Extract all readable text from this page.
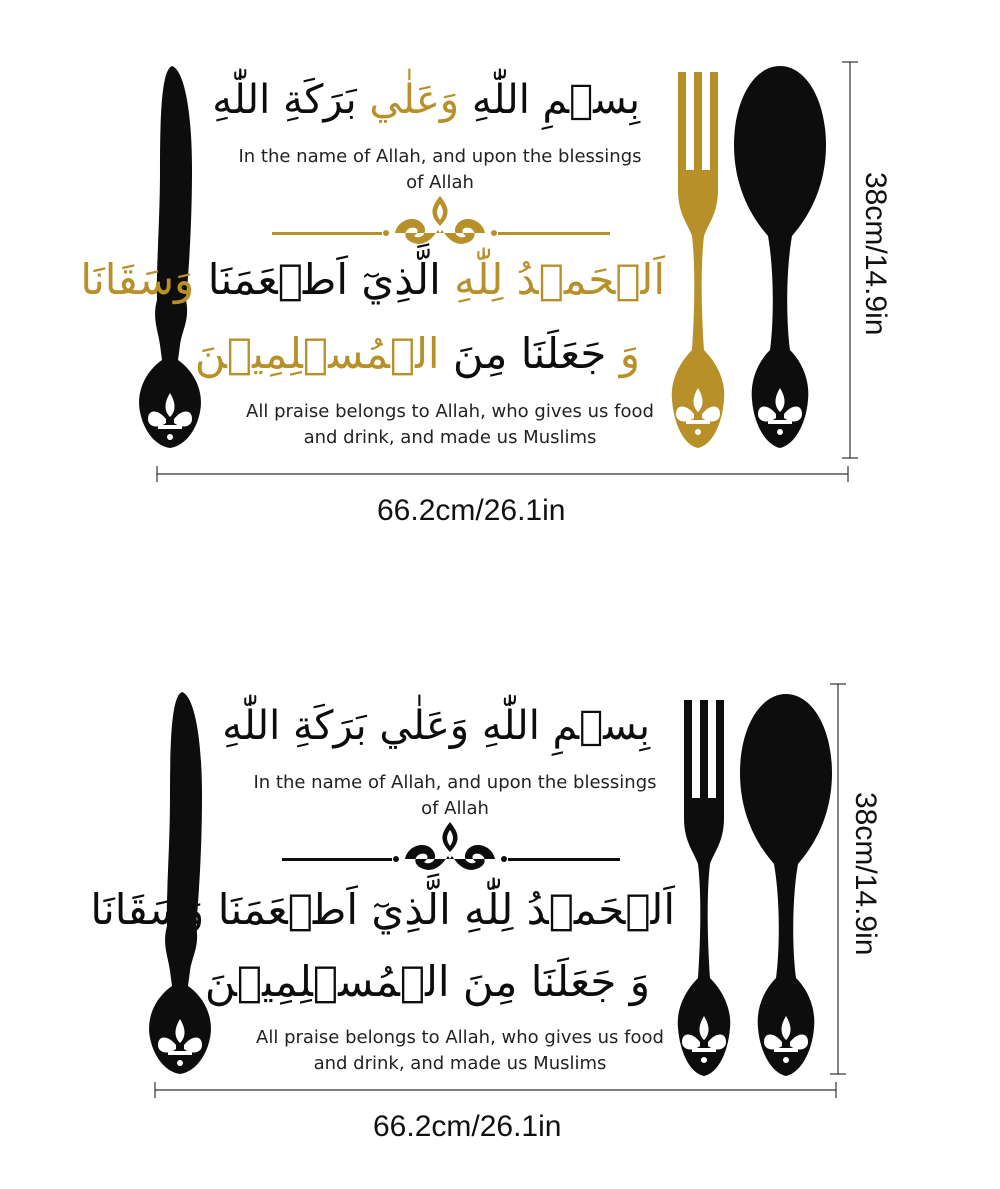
بِسۡمِ اللّٰهِ وَعَلٰي بَرَكَةِ اللّٰهِ
In the name of Allah, and upon the blessings
of Allah
اَلۡحَمۡدُ لِلّٰهِ الَّذِيٓ اَطۡعَمَنَا وَسَقَانَا
وَ جَعَلَنَا مِنَ الۡمُسۡلِمِيۡنَ
All praise belongs to Allah, who gives us food
and drink, and made us Muslims
66.2cm/26.1in
38cm/14.9in
بِسۡمِ اللّٰهِ وَعَلٰي بَرَكَةِ اللّٰهِ
In the name of Allah, and upon the blessings
of Allah
اَلۡحَمۡدُ لِلّٰهِ الَّذِيٓ اَطۡعَمَنَا وَسَقَانَا
وَ جَعَلَنَا مِنَ الۡمُسۡلِمِيۡنَ
All praise belongs to Allah, who gives us food
and drink, and made us Muslims
66.2cm/26.1in
38cm/14.9in
